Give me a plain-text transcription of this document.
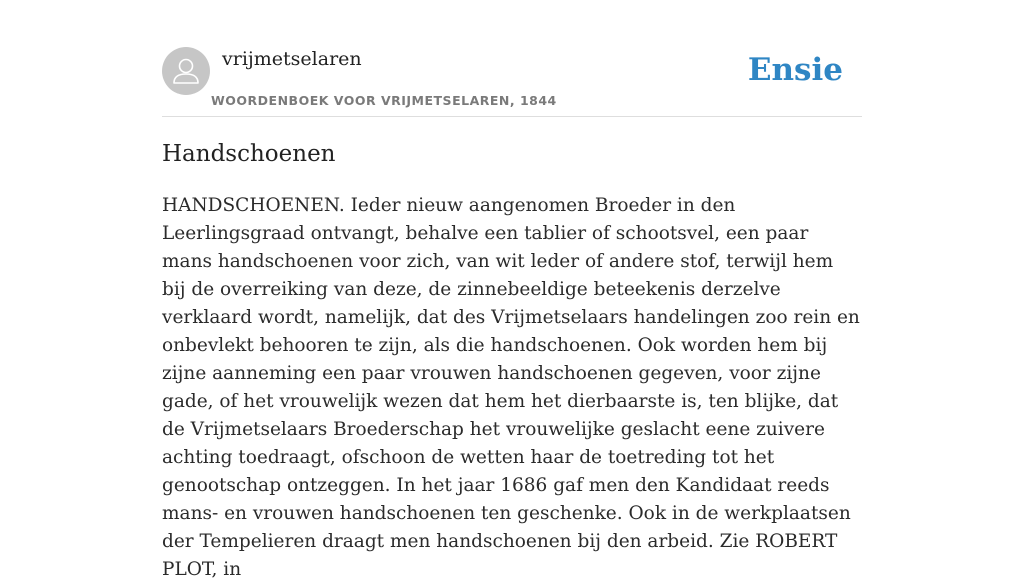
vrijmetselaren
WOORDENBOEK VOOR VRIJMETSELAREN, 1844
Ensie
Handschoenen

HANDSCHOENEN. Ieder nieuw aangenomen Broeder in den Leerlingsgraad ontvangt, behalve een tablier of schootsvel, een paar mans handschoenen voor zich, van wit leder of andere stof, terwijl hem bij de overreiking van deze, de zinnebeeldige beteekenis derzelve verklaard wordt, namelijk, dat des Vrijmetselaars handelingen zoo rein en onbevlekt behooren te zijn, als die handschoenen. Ook worden hem bij zijne aanneming een paar vrouwen handschoenen gegeven, voor zijne gade, of het vrouwelijk wezen dat hem het dierbaarste is, ten blijke, dat de Vrijmetselaars Broederschap het vrouwelijke geslacht eene zuivere achting toedraagt, ofschoon de wetten haar de toetreding tot het genootschap ontzeggen. In het jaar 1686 gaf men den Kandidaat reeds mans- en vrouwen handschoenen ten geschenke. Ook in de werkplaatsen der Tempelieren draagt men handschoenen bij den arbeid. Zie ROBERT PLOT, in
